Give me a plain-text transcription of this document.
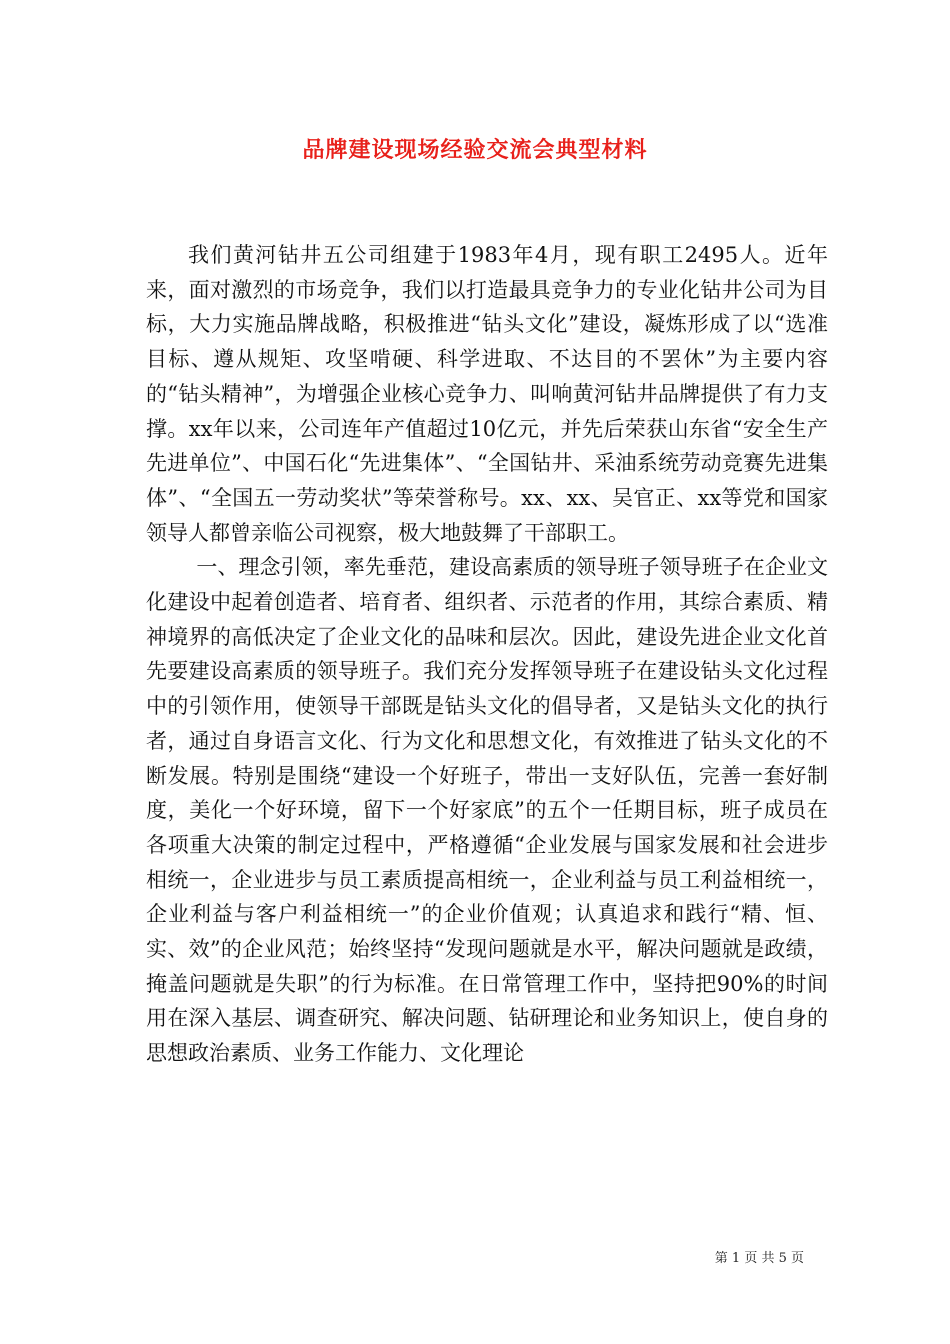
品牌建设现场经验交流会典型材料

我们黄河钻井五公司组建于1983年4月，现有职工2495人。近年来，面对激烈的市场竞争，我们以打造最具竞争力的专业化钻井公司为目标，大力实施品牌战略，积极推进“钻头文化”建设，凝炼形成了以“选准目标、遵从规矩、攻坚啃硬、科学进取、不达目的不罢休”为主要内容的“钻头精神”，为增强企业核心竞争力、叫响黄河钻井品牌提供了有力支撑。xx年以来，公司连年产值超过10亿元，并先后荣获山东省“安全生产先进单位”、中国石化“先进集体”、“全国钻井、采油系统劳动竞赛先进集体”、“全国五一劳动奖状”等荣誉称号。xx、xx、吴官正、xx等党和国家领导人都曾亲临公司视察，极大地鼓舞了干部职工。

一、理念引领，率先垂范，建设高素质的领导班子领导班子在企业文化建设中起着创造者、培育者、组织者、示范者的作用，其综合素质、精神境界的高低决定了企业文化的品味和层次。因此，建设先进企业文化首先要建设高素质的领导班子。我们充分发挥领导班子在建设钻头文化过程中的引领作用，使领导干部既是钻头文化的倡导者，又是钻头文化的执行者，通过自身语言文化、行为文化和思想文化，有效推进了钻头文化的不断发展。特别是围绕“建设一个好班子，带出一支好队伍，完善一套好制度，美化一个好环境，留下一个好家底”的五个一任期目标，班子成员在各项重大决策的制定过程中，严格遵循“企业发展与国家发展和社会进步相统一，企业进步与员工素质提高相统一，企业利益与员工利益相统一，企业利益与客户利益相统一”的企业价值观；认真追求和践行“精、恒、实、效”的企业风范；始终坚持“发现问题就是水平，解决问题就是政绩，掩盖问题就是失职”的行为标准。在日常管理工作中，坚持把90%的时间用在深入基层、调查研究、解决问题、钻研理论和业务知识上，使自身的思想政治素质、业务工作能力、文化理论

第 1 页 共 5 页
